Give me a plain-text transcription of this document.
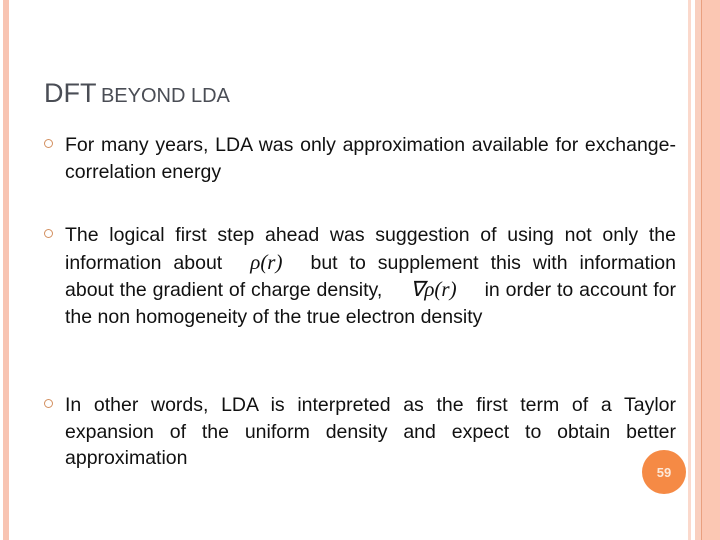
DFT BEYOND LDA
For many years, LDA was only approximation available for exchange-correlation energy
The logical first step ahead was suggestion of using not only the information about ρ(r) but to supplement this with information about the gradient of charge density, ∇ρ(r) in order to account for the non homogeneity of the true electron density
In other words, LDA is interpreted as the first term of a Taylor expansion of the uniform density and expect to obtain better approximation
59
